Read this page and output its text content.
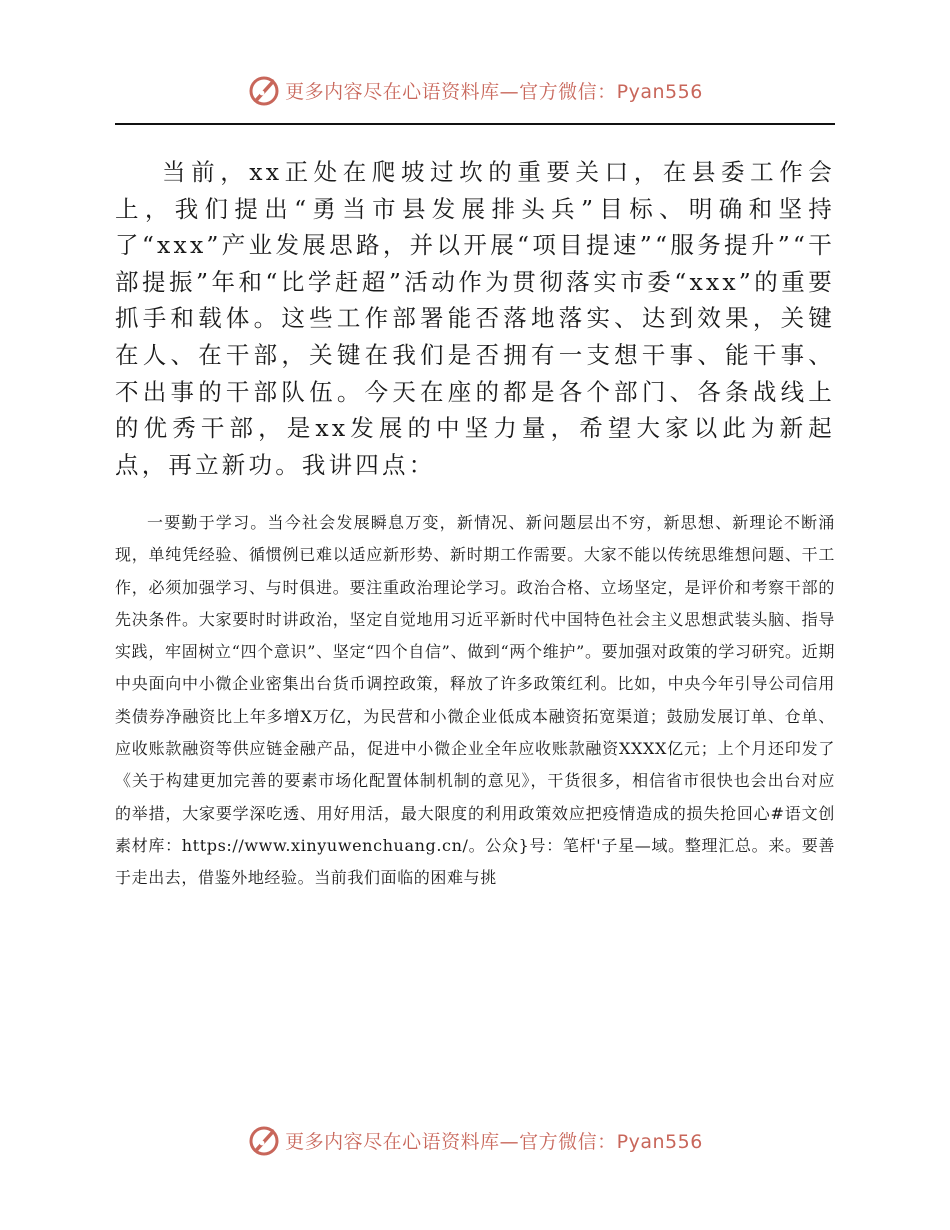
更多内容尽在心语资料库—官方微信：Pyan556

当前，xx正处在爬坡过坎的重要关口，在县委工作会上，我们提出“勇当市县发展排头兵”目标、明确和坚持了“xxx”产业发展思路，并以开展“项目提速”“服务提升”“干部提振”年和“比学赶超”活动作为贯彻落实市委“xxx”的重要抓手和载体。这些工作部署能否落地落实、达到效果，关键在人、在干部，关键在我们是否拥有一支想干事、能干事、不出事的干部队伍。今天在座的都是各个部门、各条战线上的优秀干部，是xx发展的中坚力量，希望大家以此为新起点，再立新功。我讲四点：

一要勤于学习。当今社会发展瞬息万变，新情况、新问题层出不穷，新思想、新理论不断涌现，单纯凭经验、循惯例已难以适应新形势、新时期工作需要。大家不能以传统思维想问题、干工作，必须加强学习、与时俱进。要注重政治理论学习。政治合格、立场坚定，是评价和考察干部的先决条件。大家要时时讲政治，坚定自觉地用习近平新时代中国特色社会主义思想武装头脑、指导实践，牢固树立“四个意识”、坚定“四个自信”、做到“两个维护”。要加强对政策的学习研究。近期中央面向中小微企业密集出台货币调控政策，释放了许多政策红利。比如，中央今年引导公司信用类债券净融资比上年多增X万亿，为民营和小微企业低成本融资拓宽渠道；鼓励发展订单、仓单、应收账款融资等供应链金融产品，促进中小微企业全年应收账款融资XXXX亿元；上个月还印发了《关于构建更加完善的要素市场化配置体制机制的意见》，干货很多，相信省市很快也会出台对应的举措，大家要学深吃透、用好用活，最大限度的利用政策效应把疫情造成的损失抢回心#语文创素材库：https://www.xinyuwenchuang.cn/。公众}号：笔杆'子星—域。整理汇总。来。要善于走出去，借鉴外地经验。当前我们面临的困难与挑

更多内容尽在心语资料库—官方微信：Pyan556
